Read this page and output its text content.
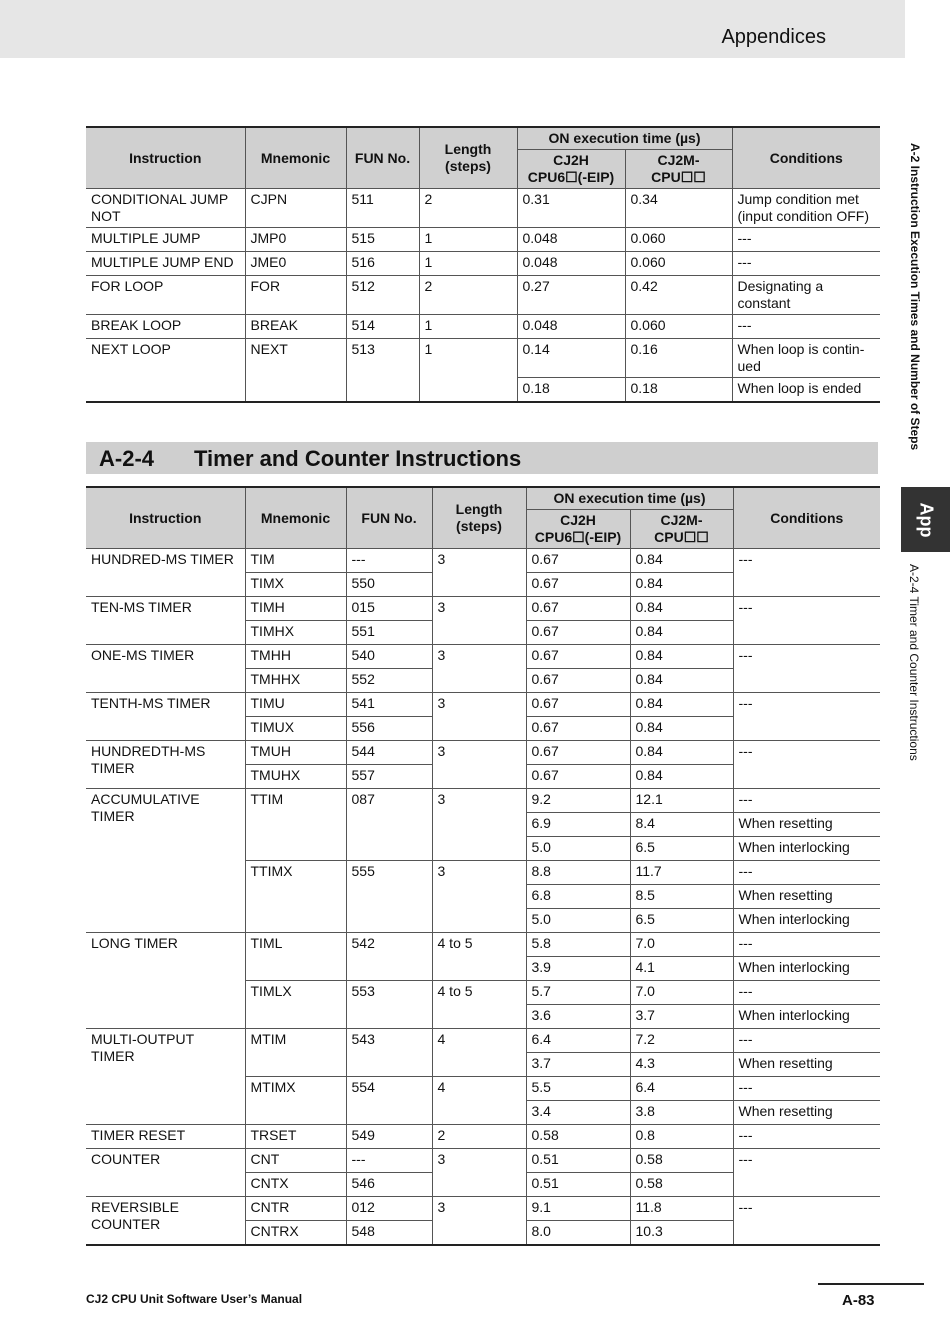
Appendices
A-2 Instruction Execution Times and Number of Steps
App
A-2-4 Timer and Counter Instructions
Instruction	Mnemonic	FUN No.	Length (steps)	ON execution time (µs)		Conditions
				CJ2H CPU6☐(-EIP)	CJ2M-CPU☐☐	
CONDITIONAL JUMP NOT	CJPN	511	2	0.31	0.34	Jump condition met (input condition OFF)
MULTIPLE JUMP	JMP0	515	1	0.048	0.060	---
MULTIPLE JUMP END	JME0	516	1	0.048	0.060	---
FOR LOOP	FOR	512	2	0.27	0.42	Designating a constant
BREAK LOOP	BREAK	514	1	0.048	0.060	---
NEXT LOOP	NEXT	513	1	0.14	0.16	When loop is contin-ued
				0.18	0.18	When loop is ended
A-2-4 Timer and Counter Instructions
Instruction	Mnemonic	FUN No.	Length (steps)	ON execution time (µs)		Conditions
				CJ2H CPU6☐(-EIP)	CJ2M-CPU☐☐	
HUNDRED-MS TIMER	TIM	---	3	0.67	0.84	---
	TIMX	550		0.67	0.84	
TEN-MS TIMER	TIMH	015	3	0.67	0.84	---
	TIMHX	551		0.67	0.84	
ONE-MS TIMER	TMHH	540	3	0.67	0.84	---
	TMHHX	552		0.67	0.84	
TENTH-MS TIMER	TIMU	541	3	0.67	0.84	---
	TIMUX	556		0.67	0.84	
HUNDREDTH-MS TIMER	TMUH	544	3	0.67	0.84	---
	TMUHX	557		0.67	0.84	
ACCUMULATIVE TIMER	TTIM	087	3	9.2	12.1	---
				6.9	8.4	When resetting
				5.0	6.5	When interlocking
	TTIMX	555	3	8.8	11.7	---
				6.8	8.5	When resetting
				5.0	6.5	When interlocking
LONG TIMER	TIML	542	4 to 5	5.8	7.0	---
				3.9	4.1	When interlocking
	TIMLX	553	4 to 5	5.7	7.0	---
				3.6	3.7	When interlocking
MULTI-OUTPUT TIMER	MTIM	543	4	6.4	7.2	---
				3.7	4.3	When resetting
	MTIMX	554	4	5.5	6.4	---
				3.4	3.8	When resetting
TIMER RESET	TRSET	549	2	0.58	0.8	---
COUNTER	CNT	---	3	0.51	0.58	---
	CNTX	546		0.51	0.58	
REVERSIBLE COUNTER	CNTR	012	3	9.1	11.8	---
	CNTRX	548		8.0	10.3	
CJ2 CPU Unit Software User’s Manual	A-83
